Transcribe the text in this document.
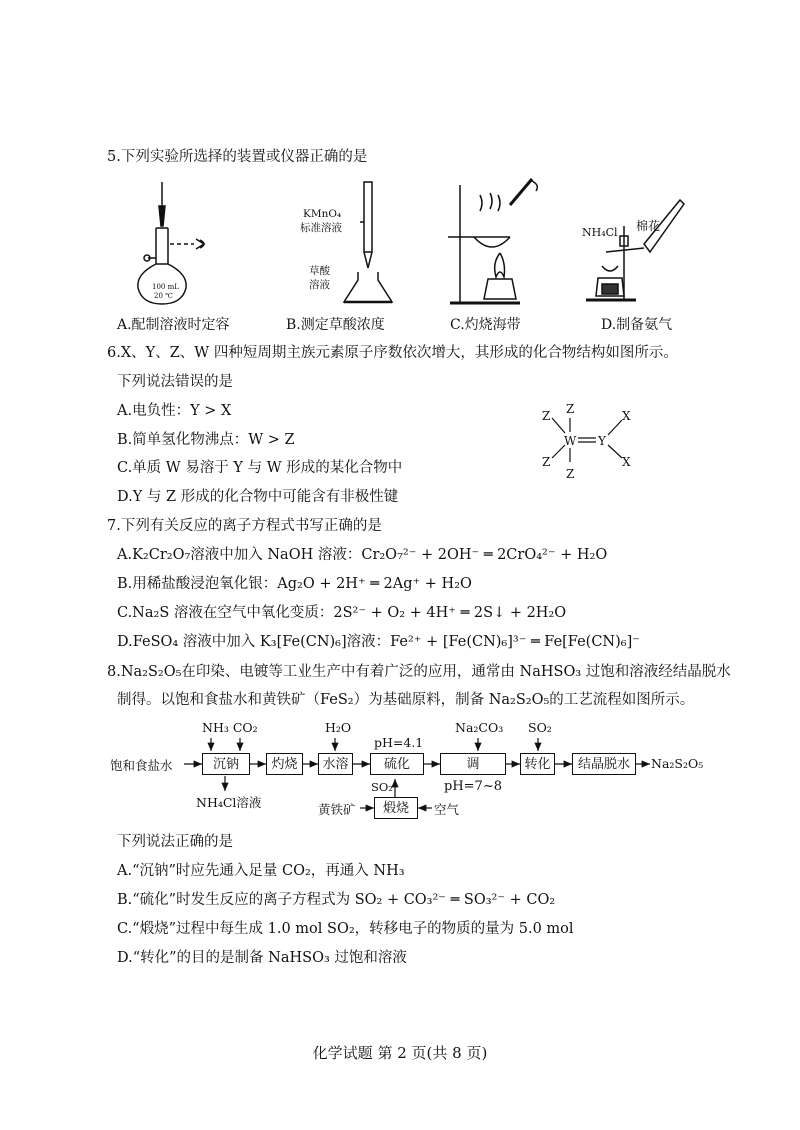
5.下列实验所选择的装置或仪器正确的是
100 mL
20 ℃
A.配制溶液时定容
KMnO₄
标准溶液
草酸
溶液
B.测定草酸浓度	C.灼烧海带
NH₄Cl 棉花
D.制备氨气
6.X、Y、Z、W 四种短周期主族元素原子序数依次增大，其形成的化合物结构如图所示。
下列说法错误的是
A.电负性：Y > X
B.简单氢化物沸点：W > Z
C.单质 W 易溶于 Y 与 W 形成的某化合物中
D.Y 与 Z 形成的化合物中可能含有非极性键
Z
Z
W Y
X
X
Z
Z
7.下列有关反应的离子方程式书写正确的是
A.K₂Cr₂O₇溶液中加入 NaOH 溶液：Cr₂O₇²⁻ + 2OH⁻ ═ 2CrO₄²⁻ + H₂O
B.用稀盐酸浸泡氧化银：Ag₂O + 2H⁺ ═ 2Ag⁺ + H₂O
C.Na₂S 溶液在空气中氧化变质：2S²⁻ + O₂ + 4H⁺ ═ 2S↓ + 2H₂O
D.FeSO₄ 溶液中加入 K₃[Fe(CN)₆]溶液：Fe²⁺ + [Fe(CN)₆]³⁻ ═ Fe[Fe(CN)₆]⁻
8.Na₂S₂O₅在印染、电镀等工业生产中有着广泛的应用，通常由 NaHSO₃ 过饱和溶液经结晶脱水
制得。以饱和食盐水和黄铁矿（FeS₂）为基础原料，制备 Na₂S₂O₅的工艺流程如图所示。
饱和食盐水
NH₃ CO₂
沉钠
NH₄Cl溶液
灼烧
H₂O
水溶
pH=4.1
硫化
SO₂
黄铁矿	煅烧	空气
Na₂CO₃
调pH=7~8
SO₂
转化	结晶脱水	Na₂S₂O₅
下列说法正确的是
A.“沉钠”时应先通入足量 CO₂，再通入 NH₃
B.“硫化”时发生反应的离子方程式为 SO₂ + CO₃²⁻ ═ SO₃²⁻ + CO₂
C.“煅烧”过程中每生成 1.0 mol SO₂，转移电子的物质的量为 5.0 mol
D.“转化”的目的是制备 NaHSO₃ 过饱和溶液
化学试题 第 2 页(共 8 页)
